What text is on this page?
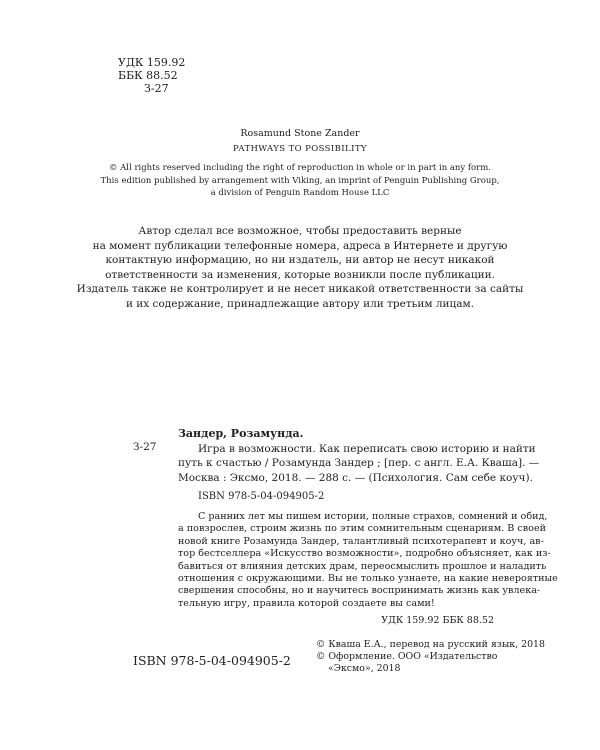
УДК 159.92
ББК 88.52
З-27
Rosamund Stone Zander
PATHWAYS TO POSSIBILITY
© All rights reserved including the right of reproduction in whole or in part in any form.
This edition published by arrangement with Viking, an imprint of Penguin Publishing Group,
a division of Penguin Random House LLC
Автор сделал все возможное, чтобы предоставить верные
на момент публикации телефонные номера, адреса в Интернете и другую
контактную информацию, но ни издатель, ни автор не несут никакой
ответственности за изменения, которые возникли после публикации.
Издатель также не контролирует и не несет никакой ответственности за сайты
и их содержание, принадлежащие автору или третьим лицам.
З-27
Зандер, Розамунда.
Игра в возможности. Как переписать свою историю и найти
путь к счастью / Розамунда Зандер ; [пер. с англ. Е.А. Кваша]. —
Москва : Эксмо, 2018. — 288 с. — (Психология. Сам себе коуч).
ISBN 978-5-04-094905-2
С ранних лет мы пишем истории, полные страхов, сомнений и обид,
а повзрослев, строим жизнь по этим сомнительным сценариям. В своей
новой книге Розамунда Зандер, талантливый психотерапевт и коуч, ав-
тор бестселлера «Искусство возможности», подробно объясняет, как из-
бавиться от влияния детских драм, переосмыслить прошлое и наладить
отношения с окружающими. Вы не только узнаете, на какие невероятные
свершения способны, но и научитесь воспринимать жизнь как увлека-
тельную игру, правила которой создаете вы сами!
УДК 159.92 ББК 88.52
© Кваша Е.А., перевод на русский язык, 2018
© Оформление. ООО «Издательство
«Эксмо», 2018
ISBN 978-5-04-094905-2
